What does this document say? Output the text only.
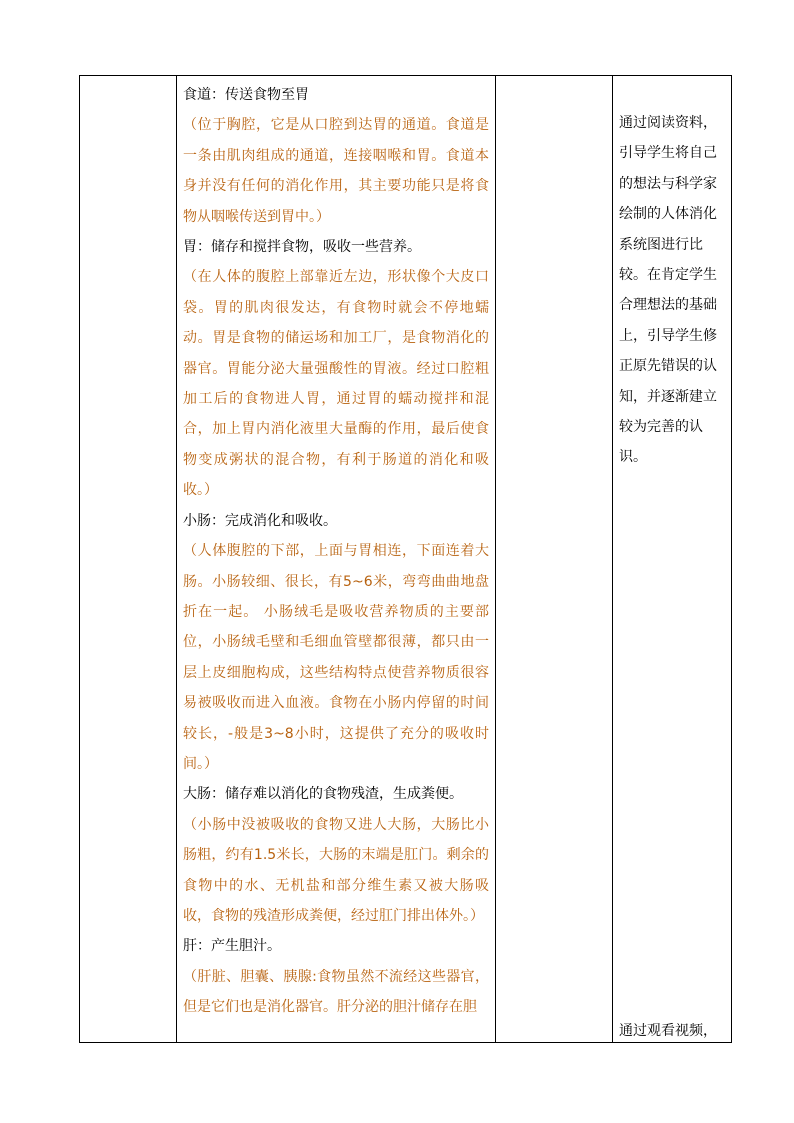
食道：传送食物至胃

（位于胸腔，它是从口腔到达胃的通道。食道是一条由肌肉组成的通道，连接咽喉和胃。食道本身并没有任何的消化作用，其主要功能只是将食物从咽喉传送到胃中。）

胃：储存和搅拌食物，吸收一些营养。

（在人体的腹腔上部靠近左边，形状像个大皮口袋。胃的肌肉很发达，有食物时就会不停地蠕动。胃是食物的储运场和加工厂，是食物消化的器官。胃能分泌大量强酸性的胃液。经过口腔粗加工后的食物进人胃，通过胃的蠕动搅拌和混合，加上胃内消化液里大量酶的作用，最后使食物变成粥状的混合物，有利于肠道的消化和吸收。）

小肠：完成消化和吸收。

（人体腹腔的下部，上面与胃相连，下面连着大肠。小肠较细、很长，有5~6米，弯弯曲曲地盘折在一起。 小肠绒毛是吸收营养物质的主要部位，小肠绒毛壁和毛细血管壁都很薄，都只由一层上皮细胞构成，这些结构特点使营养物质很容易被吸收而进入血液。食物在小肠内停留的时间较长，-般是3~8小时，这提供了充分的吸收时间。）

大肠：储存难以消化的食物残渣，生成粪便。

（小肠中没被吸收的食物又进人大肠，大肠比小肠粗，约有1.5米长，大肠的末端是肛门。剩余的食物中的水、无机盐和部分维生素又被大肠吸收，食物的残渣形成粪便，经过肛门排出体外。）

肝：产生胆汁。

（肝脏、胆囊、胰腺:食物虽然不流经这些器官，但是它们也是消化器官。肝分泌的胆汁储存在胆

通过阅读资料，引导学生将自己的想法与科学家绘制的人体消化系统图进行比较。在肯定学生合理想法的基础上，引导学生修正原先错误的认知，并逐渐建立较为完善的认识。

通过观看视频，
